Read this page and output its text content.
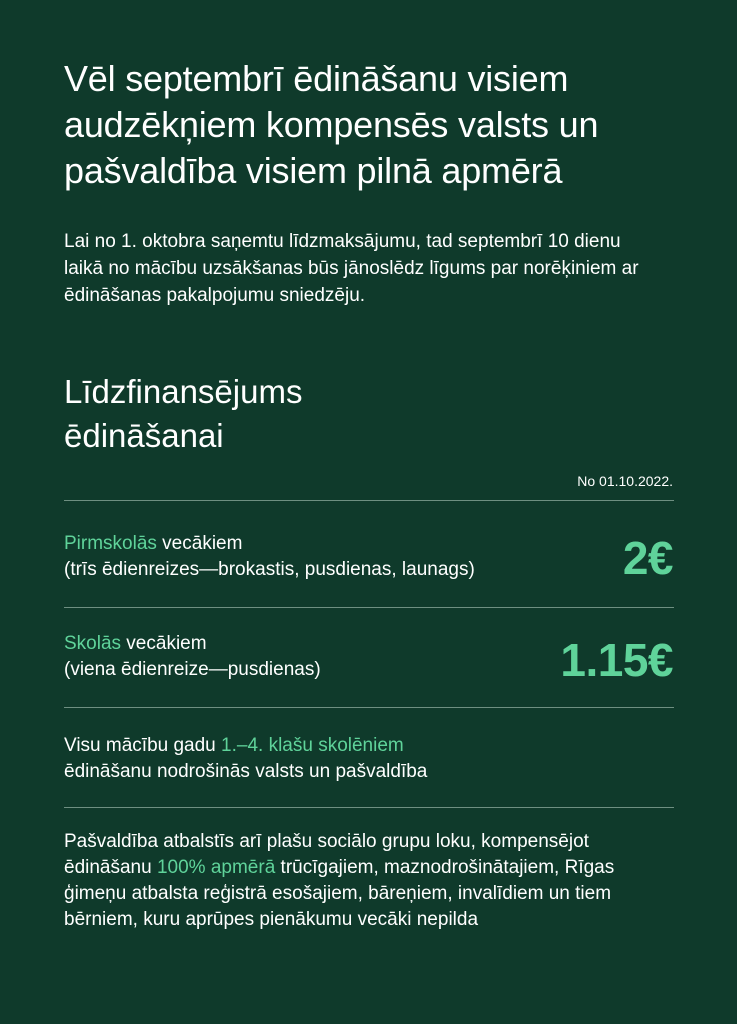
Vēl septembrī ēdināšanu visiem audzēkņiem kompensēs valsts un pašvaldība visiem pilnā apmērā

Lai no 1. oktobra saņemtu līdzmaksājumu, tad septembrī 10 dienu laikā no mācību uzsākšanas būs jānoslēdz līgums par norēķiniem ar ēdināšanas pakalpojumu sniedzēju.

Līdzfinansējums
ēdināšanai
No 01.10.2022.
Pirmskolās vecākiem
(trīs ēdienreizes—brokastis, pusdienas, launags)	2€
Skolās vecākiem
(viena ēdienreize—pusdienas)	1.15€
Visu mācību gadu 1.–4. klašu skolēniem
ēdināšanu nodrošinās valsts un pašvaldība
Pašvaldība atbalstīs arī plašu sociālo grupu loku, kompensējot ēdināšanu 100% apmērā trūcīgajiem, maznodrošinātajiem, Rīgas ģimeņu atbalsta reģistrā esošajiem, bāreņiem, invalīdiem un tiem bērniem, kuru aprūpes pienākumu vecāki nepilda
